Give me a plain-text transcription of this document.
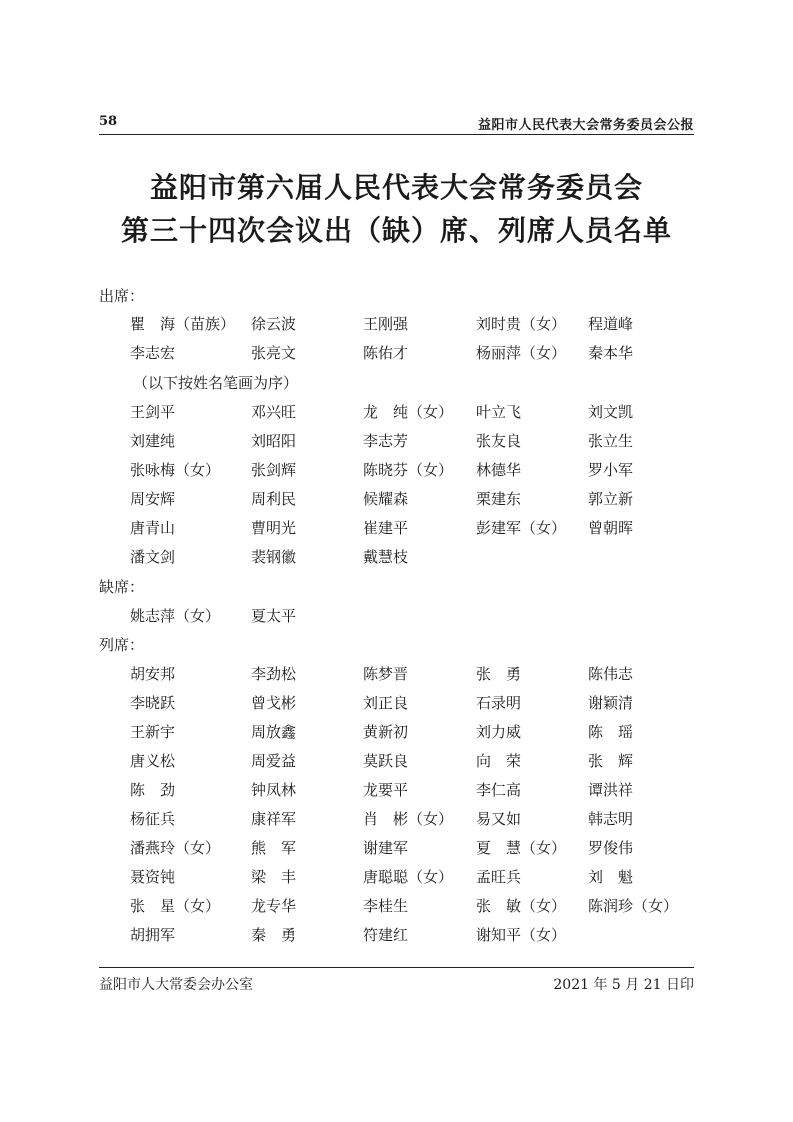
58	益阳市人民代表大会常务委员会公报
益阳市第六届人民代表大会常务委员会
第三十四次会议出（缺）席、列席人员名单
出席：
瞿　海（苗族） 徐云波	王刚强	刘时贵（女） 程道峰
李志宏	张亮文	陈佑才	杨丽萍（女） 秦本华
（以下按姓名笔画为序）
王剑平	邓兴旺	龙　纯（女） 叶立飞	刘文凯
刘建纯	刘昭阳	李志芳	张友良	张立生
张咏梅（女） 张剑辉	陈晓芬（女） 林德华	罗小军
周安辉	周利民	候耀森	栗建东	郭立新
唐青山	曹明光	崔建平	彭建军（女） 曾朝晖
潘文剑	裴钢徽	戴慧枝
缺席：
姚志萍（女） 夏太平
列席：
胡安邦	李劲松	陈梦晋	张　勇	陈伟志
李晓跃	曾戈彬	刘正良	石录明	谢颖清
王新宇	周放鑫	黄新初	刘力威	陈　瑶
唐义松	周爱益	莫跃良	向　荣	张　辉
陈　劲	钟凤林	龙要平	李仁高	谭洪祥
杨征兵	康祥军	肖　彬（女） 易又如	韩志明
潘燕玲（女） 熊　军	谢建军	夏　慧（女） 罗俊伟
聂资钝	梁　丰	唐聪聪（女） 孟旺兵	刘　魁
张　星（女） 龙专华	李桂生	张　敏（女） 陈润珍（女）
胡拥军	秦　勇	符建红	谢知平（女）
益阳市人大常委会办公室	2021 年 5 月 21 日印
